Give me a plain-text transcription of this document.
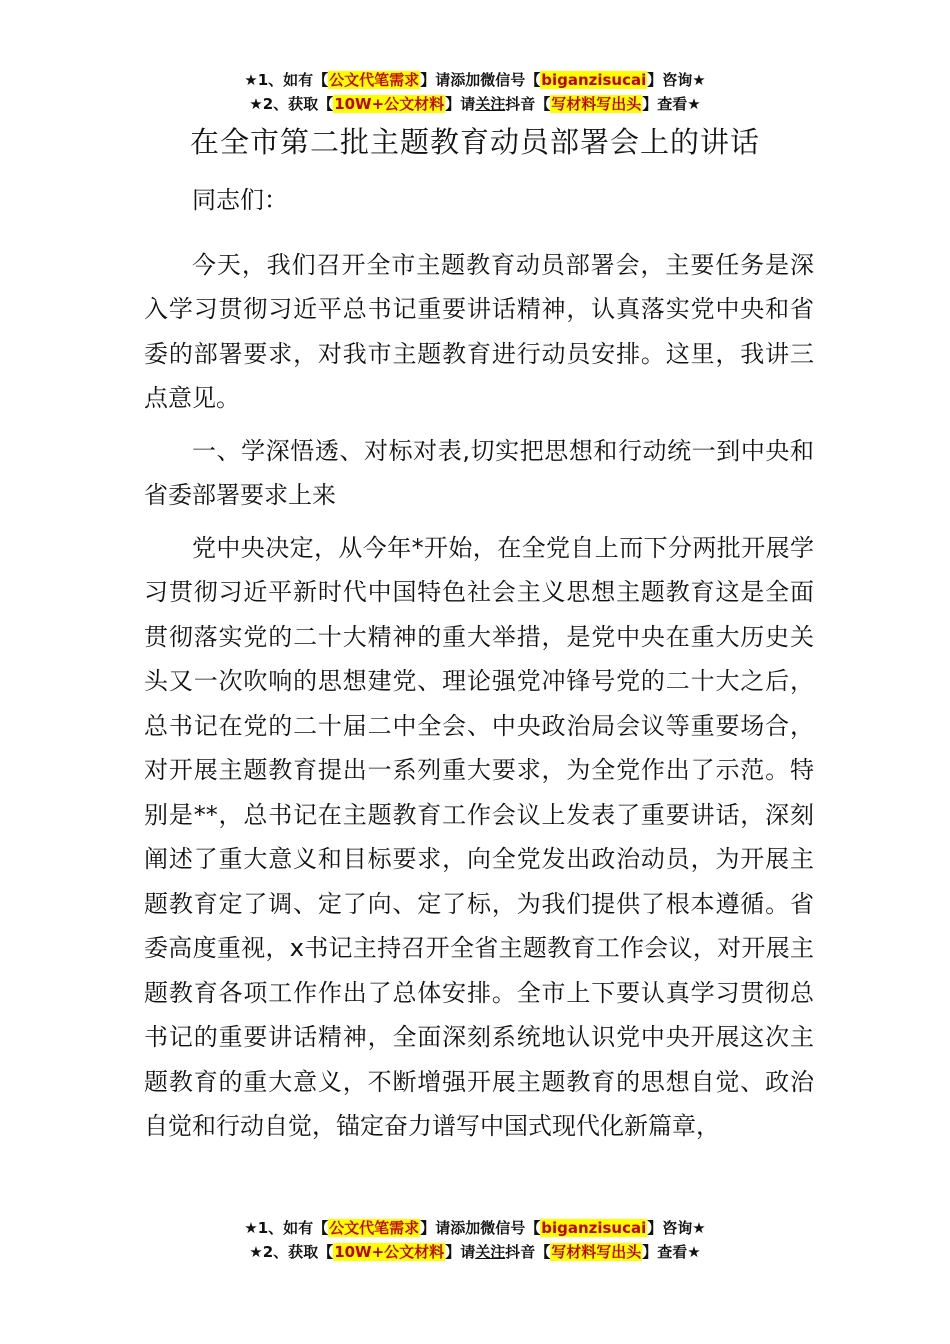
★1、如有【公文代笔需求】请添加微信号【biganzisucai】咨询★
★2、获取【10W+公文材料】请关注抖音【写材料写出头】查看★
在全市第二批主题教育动员部署会上的讲话

同志们：

今天，我们召开全市主题教育动员部署会，主要任务是深入学习贯彻习近平总书记重要讲话精神，认真落实党中央和省委的部署要求，对我市主题教育进行动员安排。这里，我讲三点意见。

一、学深悟透、对标对表,切实把思想和行动统一到中央和省委部署要求上来

党中央决定，从今年*开始，在全党自上而下分两批开展学习贯彻习近平新时代中国特色社会主义思想主题教育这是全面贯彻落实党的二十大精神的重大举措，是党中央在重大历史关头又一次吹响的思想建党、理论强党冲锋号党的二十大之后，总书记在党的二十届二中全会、中央政治局会议等重要场合，对开展主题教育提出一系列重大要求，为全党作出了示范。特别是**，总书记在主题教育工作会议上发表了重要讲话，深刻阐述了重大意义和目标要求，向全党发出政治动员，为开展主题教育定了调、定了向、定了标，为我们提供了根本遵循。省委高度重视，x书记主持召开全省主题教育工作会议，对开展主题教育各项工作作出了总体安排。全市上下要认真学习贯彻总书记的重要讲话精神，全面深刻系统地认识党中央开展这次主题教育的重大意义，不断增强开展主题教育的思想自觉、政治自觉和行动自觉，锚定奋力谱写中国式现代化新篇章，

★1、如有【公文代笔需求】请添加微信号【biganzisucai】咨询★
★2、获取【10W+公文材料】请关注抖音【写材料写出头】查看★
